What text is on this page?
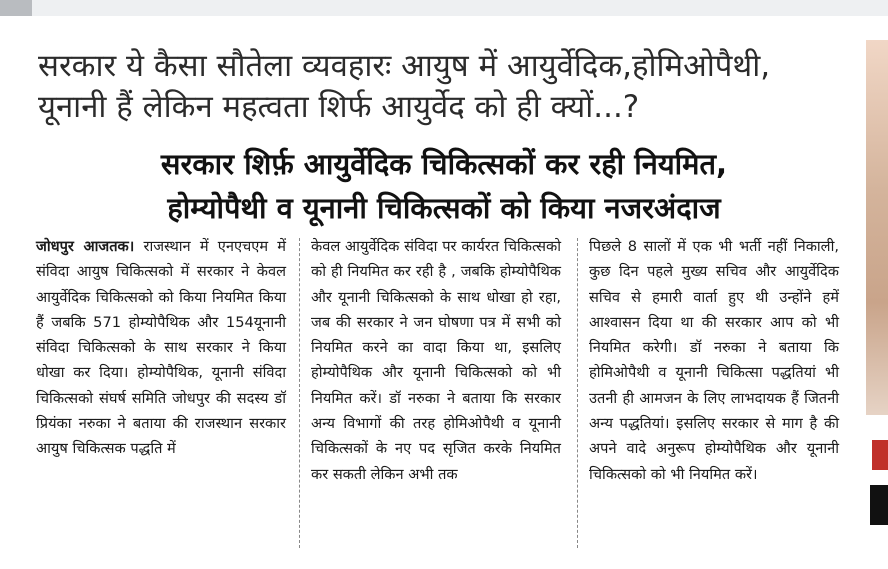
सरकार ये कैसा सौतेला व्यवहारः आयुष में आयुर्वेदिक,होमिओपैथी,
यूनानी हैं लेकिन महत्वता शिर्फ आयुर्वेद को ही क्यों...?
सरकार शिर्फ़ आयुर्वेदिक चिकित्सकों कर रही नियमित,
होम्योपैथी व यूनानी चिकित्सकों को किया नजरअंदाज
जोधपुर आजतक। राजस्थान में एनएचएम में संविदा आयुष चिकित्सको में सरकार ने केवल आयुर्वेदिक चिकित्सको को किया नियमित किया हैं जबकि 571 होम्योपैथिक और 154यूनानी संविदा चिकित्सको के साथ सरकार ने किया धोखा कर दिया। होम्योपैथिक, यूनानी संविदा चिकित्सको संघर्ष समिति जोधपुर की सदस्य डॉ प्रियंका नरुका ने बताया की राजस्थान सरकार आयुष चिकित्सक पद्धति में
केवल आयुर्वेदिक संविदा पर कार्यरत चिकित्सको को ही नियमित कर रही है , जबकि होम्योपैथिक और यूनानी चिकित्सको के साथ धोखा हो रहा, जब की सरकार ने जन घोषणा पत्र में सभी को नियमित करने का वादा किया था, इसलिए होम्योपैथिक और यूनानी चिकित्सको को भी नियमित करें। डॉ नरुका ने बताया कि सरकार अन्य विभागों की तरह होमिओपैथी व यूनानी चिकित्सकों के नए पद सृजित करके नियमित कर सकती लेकिन अभी तक
पिछले 8 सालों में एक भी भर्ती नहीं निकाली, कुछ दिन पहले मुख्य सचिव और आयुर्वेदिक सचिव से हमारी वार्ता हुए थी उन्होंने हमें आश्वासन दिया था की सरकार आप को भी नियमित करेगी। डॉ नरुका ने बताया कि होमिओपैथी व यूनानी चिकित्सा पद्धतियां भी उतनी ही आमजन के लिए लाभदायक हैं जितनी अन्य पद्धतियां। इसलिए सरकार से माग है की अपने वादे अनुरूप होम्योपैथिक और यूनानी चिकित्सको को भी नियमित करें।
